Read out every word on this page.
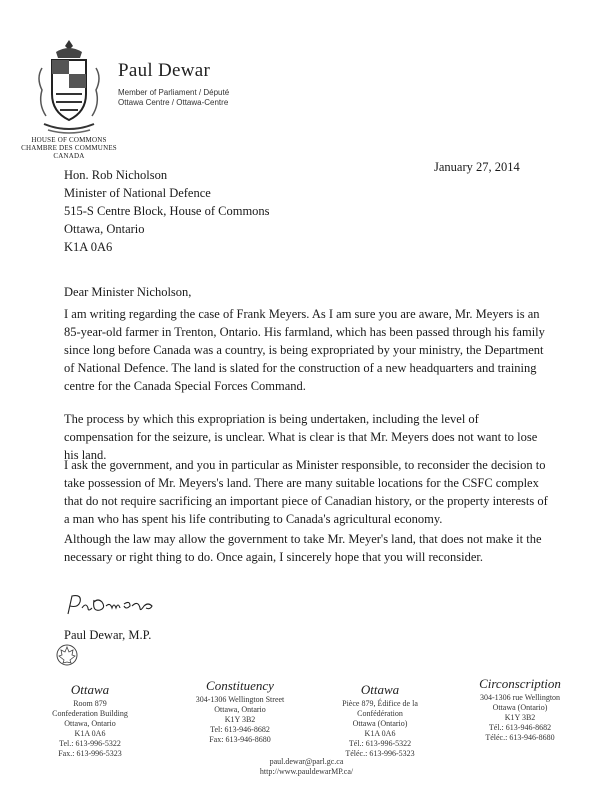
HOUSE OF COMMONS
CHAMBRE DES COMMUNES
CANADA
Paul Dewar
Member of Parliament / Député
Ottawa Centre / Ottawa-Centre
January 27, 2014
Hon. Rob Nicholson
Minister of National Defence
515-S Centre Block, House of Commons
Ottawa, Ontario
K1A 0A6
Dear Minister Nicholson,
I am writing regarding the case of Frank Meyers. As I am sure you are aware, Mr. Meyers is an 85-year-old farmer in Trenton, Ontario. His farmland, which has been passed through his family since long before Canada was a country, is being expropriated by your ministry, the Department of National Defence. The land is slated for the construction of a new headquarters and training centre for the Canada Special Forces Command.
The process by which this expropriation is being undertaken, including the level of compensation for the seizure, is unclear. What is clear is that Mr. Meyers does not want to lose his land.
I ask the government, and you in particular as Minister responsible, to reconsider the decision to take possession of Mr. Meyers's land. There are many suitable locations for the CSFC complex that do not require sacrificing an important piece of Canadian history, or the property interests of a man who has spent his life contributing to Canada's agricultural economy.
Although the law may allow the government to take Mr. Meyer's land, that does not make it the necessary or right thing to do. Once again, I sincerely hope that you will reconsider.
Paul Dewar, M.P.
Ottawa
Room 879
Confederation Building
Ottawa, Ontario
K1A 0A6
Tel.: 613-996-5322
Fax.: 613-996-5323
Constituency
304-1306 Wellington Street
Ottawa, Ontario
K1Y 3B2
Tel: 613-946-8682
Fax: 613-946-8680
Ottawa
Pièce 879, Édifice de la
Confédération
Ottawa (Ontario)
K1A 0A6
Tél.: 613-996-5322
Téléc.: 613-996-5323
Circonscription
304-1306 rue Wellington
Ottawa (Ontario)
K1Y 3B2
Tél.: 613-946-8682
Téléc.: 613-946-8680
paul.dewar@parl.gc.ca
http://www.pauldewarMP.ca/
